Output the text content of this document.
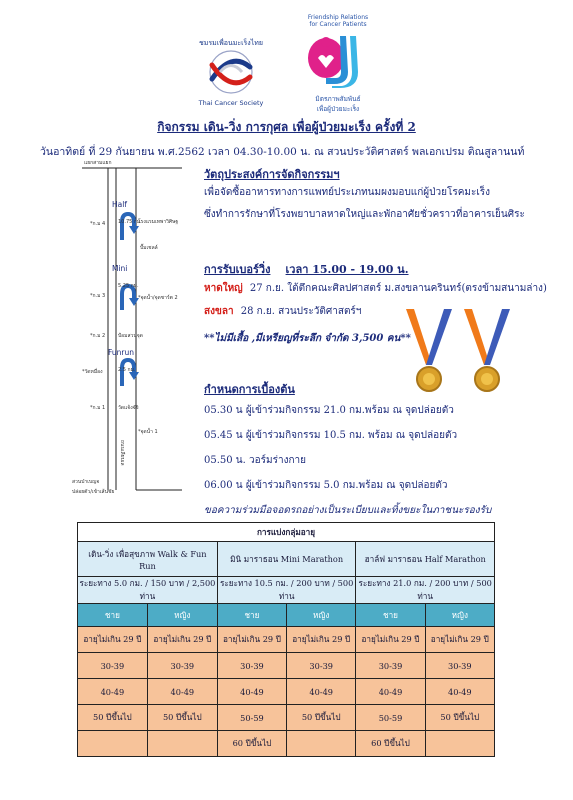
ชมรมเพื่อนมะเร็งไทย
Thai Cancer Society
Friendship Relations
for Cancer Patients
มิตรภาพสัมพันธ์
เพื่อผู้ป่วยมะเร็ง
กิจกรรม เดิน-วิ่ง การกุศล เพื่อผู้ป่วยมะเร็ง ครั้งที่ 2
วันอาทิตย์ ที่ 29 กันยายน พ.ศ.2562 เวลา 04.30-10.00 น. ณ สวนประวัติศาสตร์ พลเอกเปรม ติณสูลานนท์
แยกสามแยก
Half
10.75 กม.
โรงแรมเทพาวิศิษฐ
*ก.ม 4
ปั๊มเชลล์
Mini
5.25 กม.
*ก.ม 3	*จุดน้ำ/จุดชาร์ต 2
*ก.ม 2	ป้อมสวนจุด
Funrun
*วัดหมื่อง	2.5 กม.
*ก.ม 1	วัดแจ้งจัยิ
*จุดน้ำ 1
ถนนเลียบเล
สวนป่าเบญจ
ปล่อยตัว/เข้าเส้นชัย
วัตถุประสงค์การจัดกิจกรรมฯ
เพื่อจัดซื้ออาหารทางการแพทย์ประเภทนมผงมอบแก่ผู้ป่วยโรคมะเร็ง
ซึ่งทำการรักษาที่โรงพยาบาลหาดใหญ่และพักอาศัยชั่วคราวที่อาคารเย็นศิระ
การรับเบอร์วิ่ง เวลา 15.00 - 19.00 น.
หาดใหญ่ 27 ก.ย. ใต้ตึกคณะศิลปศาสตร์ ม.สงขลานครินทร์(ตรงข้ามสนามล่าง)
สงขลา 28 ก.ย. สวนประวัติศาสตร์ฯ
**ไม่มีเสื้อ ,มีเหรียญที่ระลึก จำกัด 3,500 คน**
กำหนดการเบื้องต้น
05.30 น ผู้เข้าร่วมกิจกรรม 21.0 กม.พร้อม ณ จุดปล่อยตัว
05.45 น ผู้เข้าร่วมกิจกรรม 10.5 กม. พร้อม ณ จุดปล่อยตัว
05.50 น. วอร์มร่างกาย
06.00 น ผู้เข้าร่วมกิจกรรม 5.0 กม.พร้อม ณ จุดปล่อยตัว
ขอความร่วมมือจอดรถอย่างเป็นระเบียบและทิ้งขยะในภาชนะรองรับ
การแบ่งกลุ่มอายุ					
เดิน-วิ่ง เพื่อสุขภาพ Walk & Fun Run		มินิ มาราธอน Mini Marathon		ฮาล์ฟ มาราธอน Half Marathon	
ระยะทาง 5.0 กม. / 150 บาท / 2,500 ท่าน		ระยะทาง 10.5 กม. / 200 บาท / 500 ท่าน		ระยะทาง 21.0 กม. / 200 บาท / 500 ท่าน	
ชาย	หญิง	ชาย	หญิง	ชาย	หญิง
อายุไม่เกิน 29 ปี	อายุไม่เกิน 29 ปี	อายุไม่เกิน 29 ปี	อายุไม่เกิน 29 ปี	อายุไม่เกิน 29 ปี	อายุไม่เกิน 29 ปี
30-39	30-39	30-39	30-39	30-39	30-39
40-49	40-49	40-49	40-49	40-49	40-49
50 ปีขึ้นไป	50 ปีขึ้นไป	50-59	50 ปีขึ้นไป	50-59	50 ปีขึ้นไป
		60 ปีขึ้นไป		60 ปีขึ้นไป	
